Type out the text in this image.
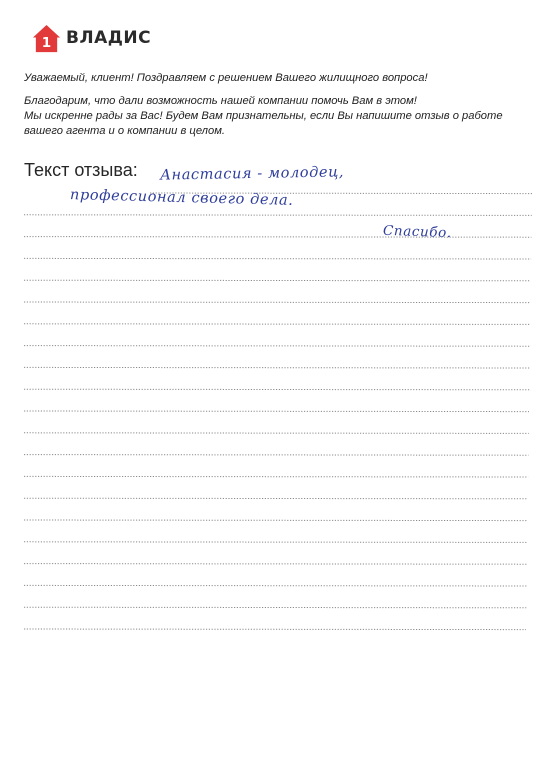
1 ВЛАДИС
Уважаемый, клиент! Поздравляем с решением Вашего жилищного вопроса!
Благодарим, что дали возможность нашей компании помочь Вам в этом!
Мы искренне рады за Вас! Будем Вам признательны, если Вы напишите отзыв о работе
вашего агента и о компании в целом.
Текст отзыва: Анастасия - молодец,
профессионал своего дела.
Спасибо.
